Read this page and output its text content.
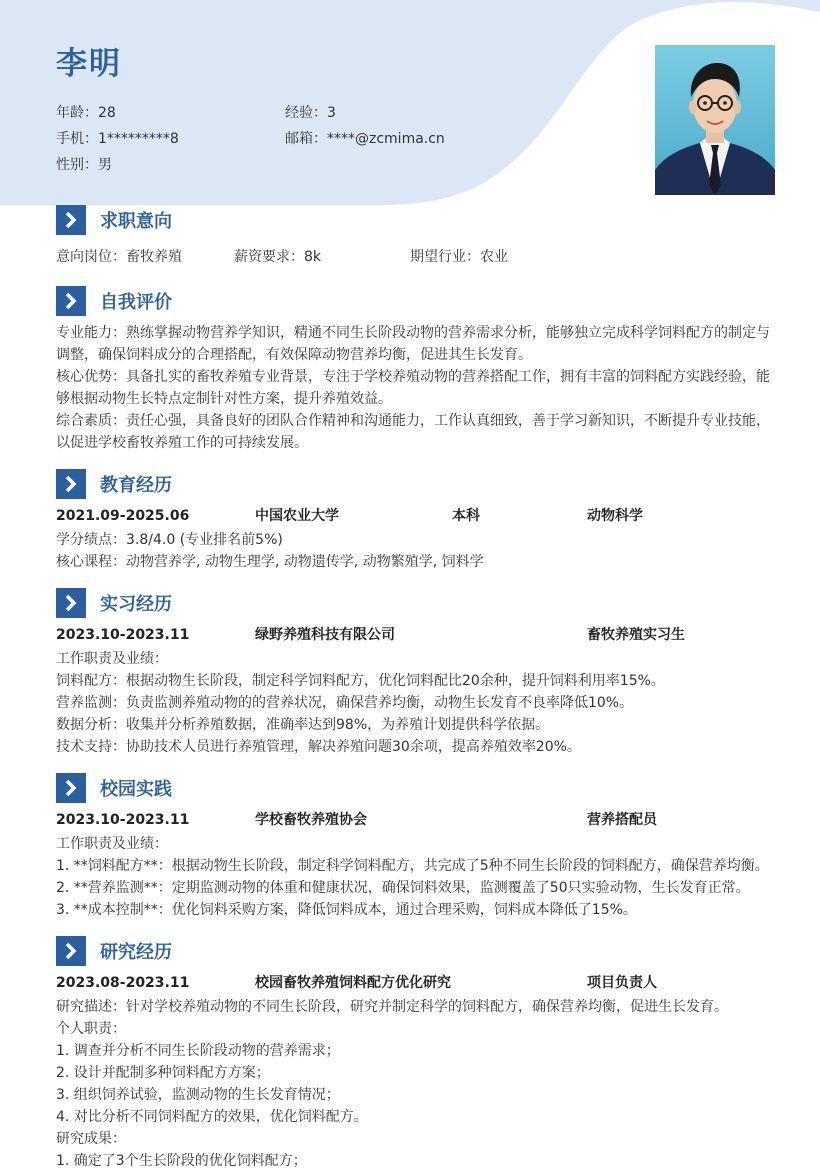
李明
年龄：28	经验：3
手机：1*********8	邮箱：****@zcmima.cn
性别：男
求职意向
意向岗位：畜牧养殖	薪资要求：8k	期望行业：农业
自我评价
专业能力：熟练掌握动物营养学知识，精通不同生长阶段动物的营养需求分析，能够独立完成科学饲料配方的制定与调整，确保饲料成分的合理搭配，有效保障动物营养均衡，促进其生长发育。
核心优势：具备扎实的畜牧养殖专业背景，专注于学校养殖动物的营养搭配工作，拥有丰富的饲料配方实践经验，能够根据动物生长特点定制针对性方案，提升养殖效益。
综合素质：责任心强，具备良好的团队合作精神和沟通能力，工作认真细致，善于学习新知识，不断提升专业技能，以促进学校畜牧养殖工作的可持续发展。
教育经历
2021.09-2025.06	中国农业大学	本科	动物科学
学分绩点：3.8/4.0 (专业排名前5%)
核心课程：动物营养学, 动物生理学, 动物遗传学, 动物繁殖学, 饲料学
实习经历
2023.10-2023.11	绿野养殖科技有限公司	畜牧养殖实习生
工作职责及业绩：
饲料配方：根据动物生长阶段，制定科学饲料配方，优化饲料配比20余种，提升饲料利用率15%。
营养监测：负责监测养殖动物的的营养状况，确保营养均衡，动物生长发育不良率降低10%。
数据分析：收集并分析养殖数据，准确率达到98%，为养殖计划提供科学依据。
技术支持：协助技术人员进行养殖管理，解决养殖问题30余项，提高养殖效率20%。
校园实践
2023.10-2023.11	学校畜牧养殖协会	营养搭配员
工作职责及业绩：
1. **饲料配方**：根据动物生长阶段，制定科学饲料配方，共完成了5种不同生长阶段的饲料配方，确保营养均衡。
2. **营养监测**：定期监测动物的体重和健康状况，确保饲料效果，监测覆盖了50只实验动物，生长发育正常。
3. **成本控制**：优化饲料采购方案，降低饲料成本，通过合理采购，饲料成本降低了15%。
研究经历
2023.08-2023.11	校园畜牧养殖饲料配方优化研究	项目负责人
研究描述：针对学校养殖动物的不同生长阶段，研究并制定科学的饲料配方，确保营养均衡，促进生长发育。
个人职责：
1. 调查并分析不同生长阶段动物的营养需求；
2. 设计并配制多种饲料配方方案；
3. 组织饲养试验，监测动物的生长发育情况；
4. 对比分析不同饲料配方的效果，优化饲料配方。
研究成果：
1. 确定了3个生长阶段的优化饲料配方；
